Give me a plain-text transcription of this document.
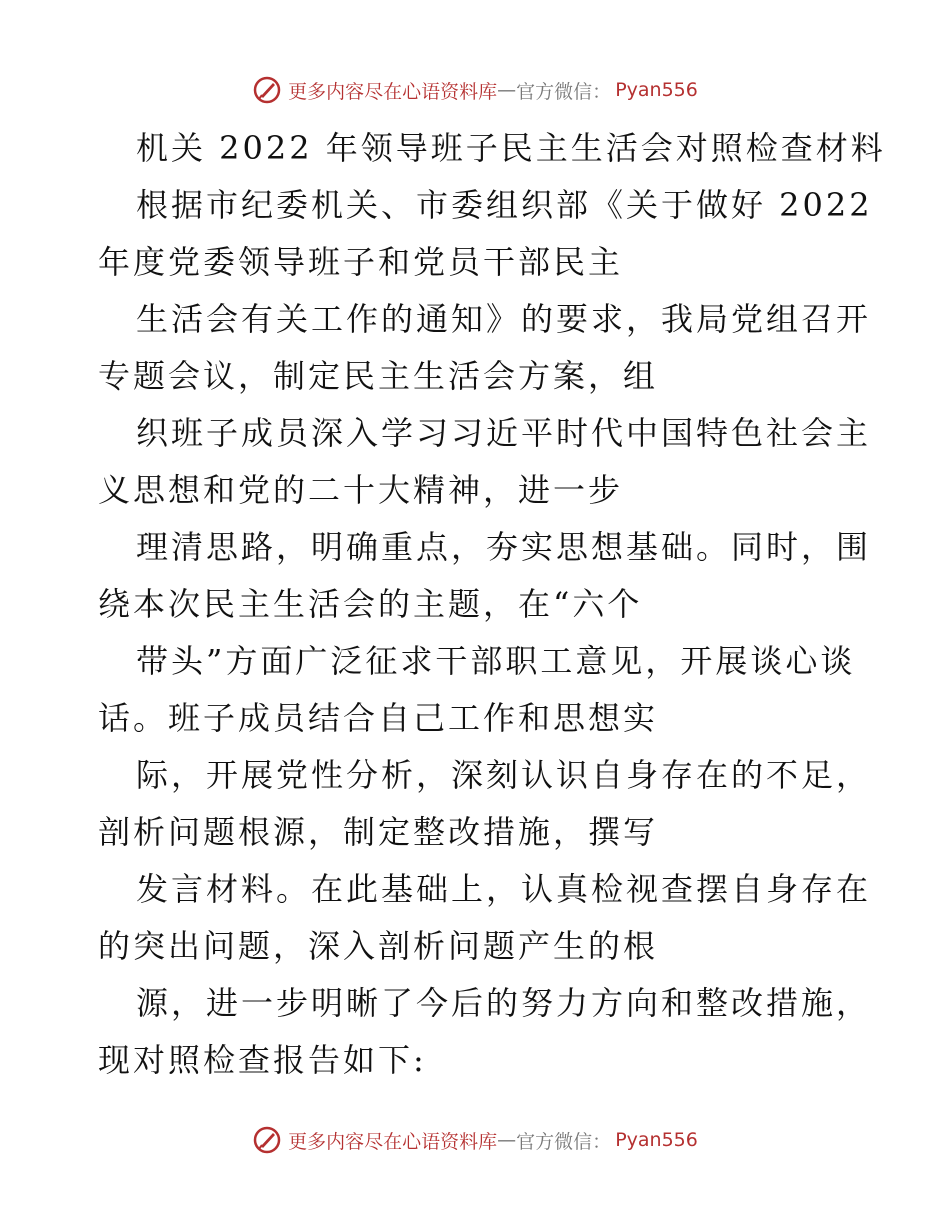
更多内容尽在心语资料库 — 官方微信： Pyan556
机关 2022 年领导班子民主生活会对照检查材料
根据市纪委机关、市委组织部《关于做好 2022
年度党委领导班子和党员干部民主
生活会有关工作的通知》的要求，我局党组召开
专题会议，制定民主生活会方案，组
织班子成员深入学习习近平时代中国特色社会主
义思想和党的二十大精神，进一步
理清思路，明确重点，夯实思想基础。同时，围
绕本次民主生活会的主题，在“六个
带头”方面广泛征求干部职工意见，开展谈心谈
话。班子成员结合自己工作和思想实
际，开展党性分析，深刻认识自身存在的不足，
剖析问题根源，制定整改措施，撰写
发言材料。在此基础上，认真检视查摆自身存在
的突出问题，深入剖析问题产生的根
源，进一步明晰了今后的努力方向和整改措施，
现对照检查报告如下:
更多内容尽在心语资料库 — 官方微信： Pyan556
